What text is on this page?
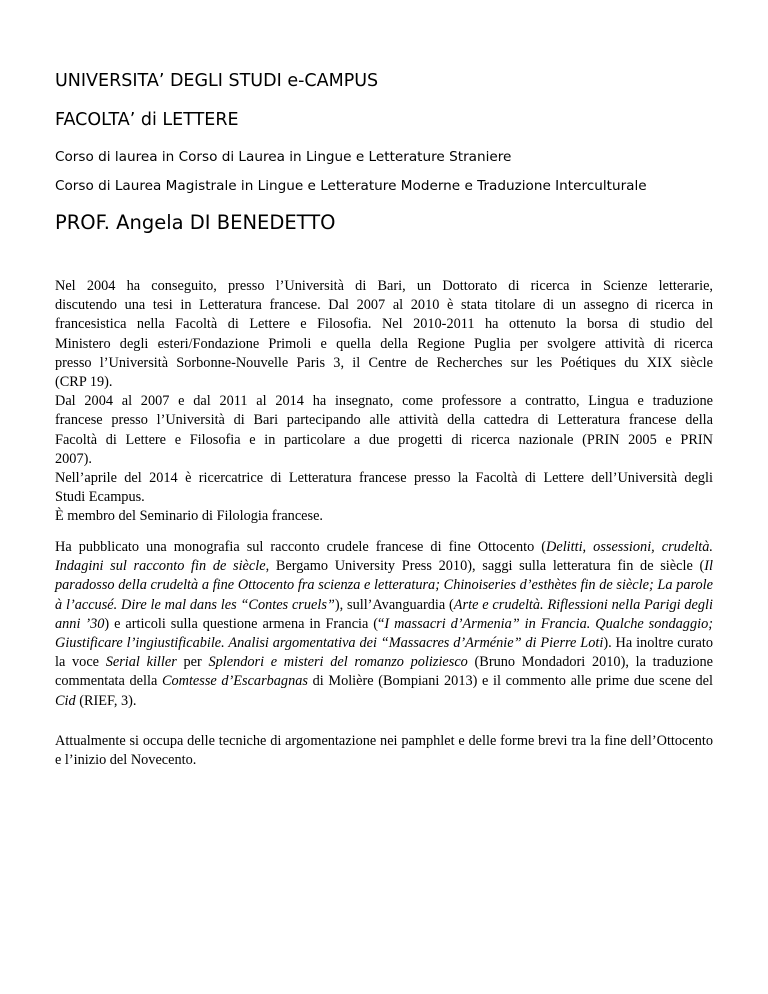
UNIVERSITA’ DEGLI STUDI e-CAMPUS
FACOLTA’ di LETTERE
Corso di laurea in Corso di Laurea in Lingue e Letterature Straniere
Corso di Laurea Magistrale in Lingue e Letterature Moderne e Traduzione Interculturale
PROF. Angela DI BENEDETTO

Nel 2004 ha conseguito, presso l’Università di Bari, un Dottorato di ricerca in Scienze letterarie,
discutendo una tesi in Letteratura francese. Dal 2007 al 2010 è stata titolare di un assegno di ricerca in
francesistica nella Facoltà di Lettere e Filosofia. Nel 2010-2011 ha ottenuto la borsa di studio del
Ministero degli esteri/Fondazione Primoli e quella della Regione Puglia per svolgere attività di ricerca
presso l’Università Sorbonne-Nouvelle Paris 3, il Centre de Recherches sur les Poétiques du XIX siècle
(CRP 19).
Dal 2004 al 2007 e dal 2011 al 2014 ha insegnato, come professore a contratto, Lingua e traduzione
francese presso l’Università di Bari partecipando alle attività della cattedra di Letteratura francese della
Facoltà di Lettere e Filosofia e in particolare a due progetti di ricerca nazionale (PRIN 2005 e PRIN
2007).
Nell’aprile del 2014 è ricercatrice di Letteratura francese presso la Facoltà di Lettere dell’Università degli
Studi Ecampus.
È membro del Seminario di Filologia francese.

Ha pubblicato una monografia sul racconto crudele francese di fine Ottocento (Delitti, ossessioni, crudeltà. Indagini sul racconto fin de siècle, Bergamo University Press 2010), saggi sulla letteratura fin de siècle (Il paradosso della crudeltà a fine Ottocento fra scienza e letteratura; Chinoiseries d’esthètes fin de siècle; La parole à l’accusé. Dire le mal dans les “Contes cruels”), sull’Avanguardia (Arte e crudeltà. Riflessioni nella Parigi degli anni ’30) e articoli sulla questione armena in Francia (“I massacri d’Armenia” in Francia. Qualche sondaggio; Giustificare l’ingiustificabile. Analisi argomentativa dei “Massacres d’Arménie” di Pierre Loti). Ha inoltre curato la voce Serial killer per Splendori e misteri del romanzo poliziesco (Bruno Mondadori 2010), la traduzione commentata della Comtesse d’Escarbagnas di Molière (Bompiani 2013) e il commento alle prime due scene del Cid (RIEF, 3).

Attualmente si occupa delle tecniche di argomentazione nei pamphlet e delle forme brevi tra la fine dell’Ottocento e l’inizio del Novecento.
